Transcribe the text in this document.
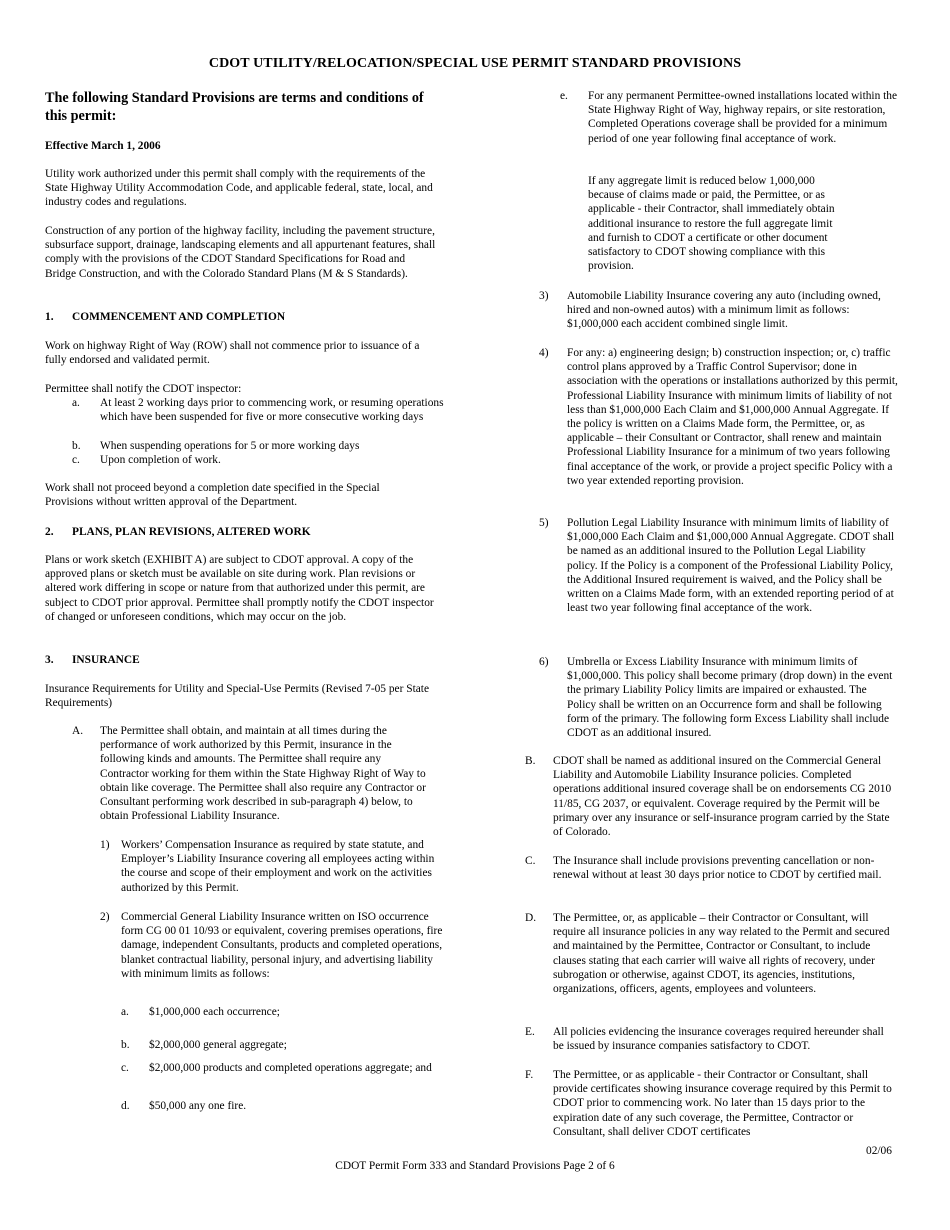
CDOT UTILITY/RELOCATION/SPECIAL USE PERMIT STANDARD PROVISIONS

The following Standard Provisions are terms and conditions of this permit:

Effective March 1, 2006

Utility work authorized under this permit shall comply with the requirements of the State Highway Utility Accommodation Code, and applicable federal, state, local, and industry codes and regulations.

Construction of any portion of the highway facility, including the pavement structure, subsurface support, drainage, landscaping elements and all appurtenant features, shall comply with the provisions of the CDOT Standard Specifications for Road and Bridge Construction, and with the Colorado Standard Plans (M & S Standards).

1. COMMENCEMENT AND COMPLETION

Work on highway Right of Way (ROW) shall not commence prior to issuance of a fully endorsed and validated permit.

Permittee shall notify the CDOT inspector:

a. At least 2 working days prior to commencing work, or resuming operations which have been suspended for five or more consecutive working days

b. When suspending operations for 5 or more working days

c. Upon completion of work.

Work shall not proceed beyond a completion date specified in the Special Provisions without written approval of the Department.

2. PLANS, PLAN REVISIONS, ALTERED WORK

Plans or work sketch (EXHIBIT A) are subject to CDOT approval. A copy of the approved plans or sketch must be available on site during work. Plan revisions or altered work differing in scope or nature from that authorized under this permit, are subject to CDOT prior approval. Permittee shall promptly notify the CDOT inspector of changed or unforeseen conditions, which may occur on the job.

3. INSURANCE

Insurance Requirements for Utility and Special-Use Permits (Revised 7-05 per State Requirements)

A. The Permittee shall obtain, and maintain at all times during the performance of work authorized by this Permit, insurance in the following kinds and amounts. The Permittee shall require any Contractor working for them within the State Highway Right of Way to obtain like coverage. The Permittee shall also require any Contractor or Consultant performing work described in sub-paragraph 4) below, to obtain Professional Liability Insurance.

1) Workers’ Compensation Insurance as required by state statute, and Employer’s Liability Insurance covering all employees acting within the course and scope of their employment and work on the activities authorized by this Permit.

2) Commercial General Liability Insurance written on ISO occurrence form CG 00 01 10/93 or equivalent, covering premises operations, fire damage, independent Consultants, products and completed operations, blanket contractual liability, personal injury, and advertising liability with minimum limits as follows:

a. $1,000,000 each occurrence;

b. $2,000,000 general aggregate;

c. $2,000,000 products and completed operations aggregate; and

d. $50,000 any one fire.

e. For any permanent Permittee-owned installations located within the State Highway Right of Way, highway repairs, or site restoration, Completed Operations coverage shall be provided for a minimum period of one year following final acceptance of work.

If any aggregate limit is reduced below 1,000,000 because of claims made or paid, the Permittee, or as applicable - their Contractor, shall immediately obtain additional insurance to restore the full aggregate limit and furnish to CDOT a certificate or other document satisfactory to CDOT showing compliance with this provision.

3) Automobile Liability Insurance covering any auto (including owned, hired and non-owned autos) with a minimum limit as follows: $1,000,000 each accident combined single limit.

4) For any: a) engineering design; b) construction inspection; or, c) traffic control plans approved by a Traffic Control Supervisor; done in association with the operations or installations authorized by this permit, Professional Liability Insurance with minimum limits of liability of not less than $1,000,000 Each Claim and $1,000,000 Annual Aggregate. If the policy is written on a Claims Made form, the Permittee, or, as applicable – their Consultant or Contractor, shall renew and maintain Professional Liability Insurance for a minimum of two years following final acceptance of the work, or provide a project specific Policy with a two year extended reporting provision.

5) Pollution Legal Liability Insurance with minimum limits of liability of $1,000,000 Each Claim and $1,000,000 Annual Aggregate. CDOT shall be named as an additional insured to the Pollution Legal Liability policy. If the Policy is a component of the Professional Liability Policy, the Additional Insured requirement is waived, and the Policy shall be written on a Claims Made form, with an extended reporting period of at least two year following final acceptance of the work.

6) Umbrella or Excess Liability Insurance with minimum limits of $1,000,000. This policy shall become primary (drop down) in the event the primary Liability Policy limits are impaired or exhausted. The Policy shall be written on an Occurrence form and shall be following form of the primary. The following form Excess Liability shall include CDOT as an additional insured.

B. CDOT shall be named as additional insured on the Commercial General Liability and Automobile Liability Insurance policies. Completed operations additional insured coverage shall be on endorsements CG 2010 11/85, CG 2037, or equivalent. Coverage required by the Permit will be primary over any insurance or self-insurance program carried by the State of Colorado.

C. The Insurance shall include provisions preventing cancellation or non-renewal without at least 30 days prior notice to CDOT by certified mail.

D. The Permittee, or, as applicable – their Contractor or Consultant, will require all insurance policies in any way related to the Permit and secured and maintained by the Permittee, Contractor or Consultant, to include clauses stating that each carrier will waive all rights of recovery, under subrogation or otherwise, against CDOT, its agencies, institutions, organizations, officers, agents, employees and volunteers.

E. All policies evidencing the insurance coverages required hereunder shall be issued by insurance companies satisfactory to CDOT.

F. The Permittee, or as applicable - their Contractor or Consultant, shall provide certificates showing insurance coverage required by this Permit to CDOT prior to commencing work. No later than 15 days prior to the expiration date of any such coverage, the Permittee, Contractor or Consultant, shall deliver CDOT certificates

02/06
CDOT Permit Form 333 and Standard Provisions Page 2 of 6
